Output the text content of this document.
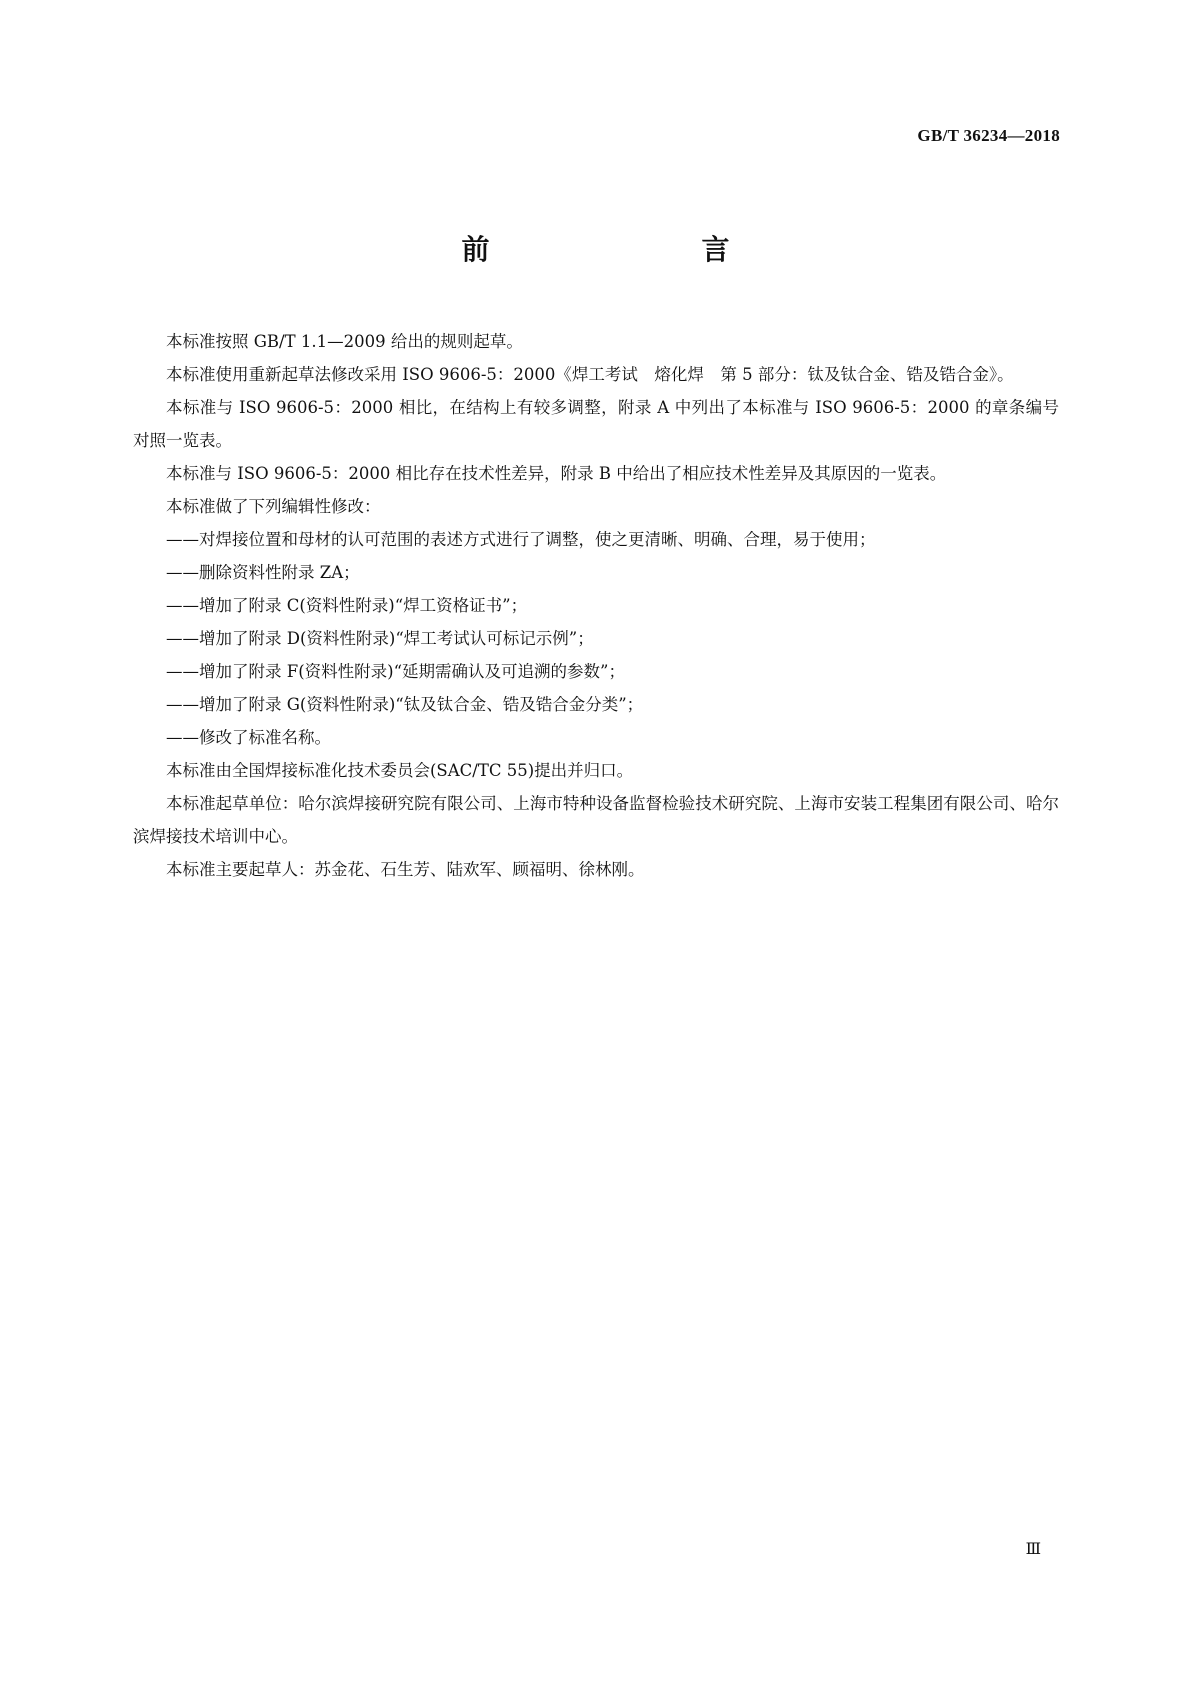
GB/T 36234—2018
前　　言

本标准按照 GB/T 1.1—2009 给出的规则起草。

本标准使用重新起草法修改采用 ISO 9606-5：2000《焊工考试　熔化焊　第 5 部分：钛及钛合金、锆及锆合金》。

本标准与 ISO 9606-5：2000 相比，在结构上有较多调整，附录 A 中列出了本标准与 ISO 9606-5：2000 的章条编号对照一览表。

本标准与 ISO 9606-5：2000 相比存在技术性差异，附录 B 中给出了相应技术性差异及其原因的一览表。

本标准做了下列编辑性修改：

——对焊接位置和母材的认可范围的表述方式进行了调整，使之更清晰、明确、合理，易于使用；

——删除资料性附录 ZA；

——增加了附录 C(资料性附录)“焊工资格证书”；

——增加了附录 D(资料性附录)“焊工考试认可标记示例”；

——增加了附录 F(资料性附录)“延期需确认及可追溯的参数”；

——增加了附录 G(资料性附录)“钛及钛合金、锆及锆合金分类”；

——修改了标准名称。

本标准由全国焊接标准化技术委员会(SAC/TC 55)提出并归口。

本标准起草单位：哈尔滨焊接研究院有限公司、上海市特种设备监督检验技术研究院、上海市安装工程集团有限公司、哈尔滨焊接技术培训中心。

本标准主要起草人：苏金花、石生芳、陆欢军、顾福明、徐林刚。

Ⅲ
